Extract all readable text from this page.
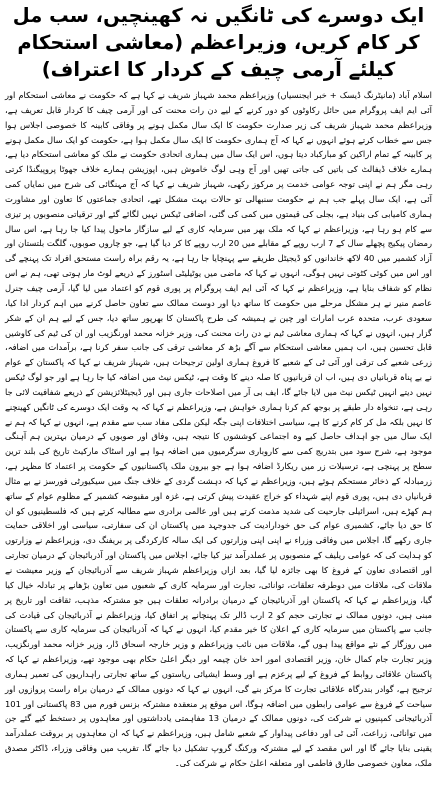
ایک دوسرے کی ٹانگیں نہ کھینچیں، سب مل کر کام کریں، وزیراعظم (معاشی استحکام کیلئے آرمی چیف کے کردار کا اعتراف)

اسلام آباد (مانیٹرنگ ڈیسک + خبر ایجنسیاں) وزیراعظم محمد شہباز شریف نے کہا ہے کہ حکومت نے معاشی استحکام اور آئی ایم ایف پروگرام میں حائل رکاوٹوں کو دور کرنے کے لیے دن رات محنت کی اور آرمی چیف کا کردار قابل تعریف ہے، وزیراعظم محمد شہباز شریف کی زیر صدارت حکومت کا ایک سال مکمل ہونے پر وفاقی کابینہ کا خصوصی اجلاس ہوا جس سے خطاب کرتے ہوئے انہوں نے کہا کہ آج ہماری حکومت کا ایک سال مکمل ہوا ہے، حکومت کو ایک سال مکمل ہونے پر کابینہ کے تمام اراکین کو مبارکباد دیتا ہوں، اس ایک سال میں ہماری اتحادی حکومت نے ملک کو معاشی استحکام دیا ہے، ہمارے خلاف ڈیفالٹ کی باتیں کی جاتی تھیں اور آج وہی لوگ خاموش ہیں، اپوزیشن ہمارے خلاف جھوٹا پروپیگنڈا کرتی رہی مگر ہم نے اپنی توجہ عوامی خدمت پر مرکوز رکھی، شہباز شریف نے کہا کہ آج مہنگائی کی شرح میں نمایاں کمی آئی ہے، ایک سال پہلے جب ہم نے حکومت سنبھالی تو حالات بہت مشکل تھے، اتحادی جماعتوں کا تعاون اور مشاورت ہماری کامیابی کی بنیاد ہے، بجلی کی قیمتوں میں کمی کی گئی، اضافی ٹیکس نہیں لگائے گئے اور ترقیاتی منصوبوں پر تیزی سے کام ہو رہا ہے، وزیراعظم نے کہا کہ ملک بھر میں سرمایہ کاری کے لیے سازگار ماحول پیدا کیا جا رہا ہے، اس سال رمضان پیکیج پچھلے سال کے 7 ارب روپے کے مقابلے میں 20 ارب روپے کا کر دیا گیا ہے، جو چاروں صوبوں، گلگت بلتستان اور آزاد کشمیر میں 40 لاکھ خاندانوں کو ڈیجیٹل طریقے سے پہنچایا جا رہا ہے، یہ رقم براہ راست مستحق افراد تک پہنچے گی اور اس میں کوئی کٹوتی نہیں ہوگی، انہوں نے کہا کہ ماضی میں یوٹیلیٹی اسٹورز کے ذریعے لوٹ مار ہوتی تھی، ہم نے اس نظام کو شفاف بنایا ہے، وزیراعظم نے کہا کہ آئی ایم ایف پروگرام پر پوری قوم کو اعتماد میں لیا گیا، آرمی چیف جنرل عاصم منیر نے ہر مشکل مرحلے میں حکومت کا ساتھ دیا اور دوست ممالک سے تعاون حاصل کرنے میں اہم کردار ادا کیا، سعودی عرب، متحدہ عرب امارات اور چین نے ہمیشہ کی طرح پاکستان کا بھرپور ساتھ دیا، جس کے لیے ہم ان کے شکر گزار ہیں، انہوں نے کہا کہ ہماری معاشی ٹیم نے دن رات محنت کی، وزیر خزانہ محمد اورنگزیب اور ان کی ٹیم کی کاوشیں قابل تحسین ہیں، اب ہمیں معاشی استحکام سے آگے بڑھ کر معاشی ترقی کی جانب سفر کرنا ہے، برآمدات میں اضافہ، زرعی شعبے کی ترقی اور آئی ٹی کے شعبے کا فروغ ہماری اولین ترجیحات ہیں، شہباز شریف نے کہا کہ پاکستان کے عوام نے بے پناہ قربانیاں دی ہیں، اب ان قربانیوں کا صلہ دینے کا وقت ہے، ٹیکس نیٹ میں اضافہ کیا جا رہا ہے اور جو لوگ ٹیکس نہیں دیتے انہیں ٹیکس نیٹ میں لایا جائے گا، ایف بی آر میں اصلاحات جاری ہیں اور ڈیجیٹلائزیشن کے ذریعے شفافیت لائی جا رہی ہے، تنخواہ دار طبقے پر بوجھ کم کرنا ہماری خواہش ہے، وزیراعظم نے کہا کہ یہ وقت ایک دوسرے کی ٹانگیں کھینچنے کا نہیں بلکہ مل کر کام کرنے کا ہے، سیاسی اختلافات اپنی جگہ لیکن ملکی مفاد سب سے مقدم ہے، انہوں نے کہا کہ ہم نے ایک سال میں جو اہداف حاصل کیے وہ اجتماعی کوششوں کا نتیجہ ہیں، وفاق اور صوبوں کے درمیان بہترین ہم آہنگی موجود ہے، شرح سود میں بتدریج کمی سے کاروباری سرگرمیوں میں اضافہ ہوا ہے اور اسٹاک مارکیٹ تاریخ کی بلند ترین سطح پر پہنچی ہے، ترسیلات زر میں ریکارڈ اضافہ ہوا ہے جو بیرون ملک پاکستانیوں کے حکومت پر اعتماد کا مظہر ہے، زرمبادلہ کے ذخائر مستحکم ہوئے ہیں، وزیراعظم نے کہا کہ دہشت گردی کے خلاف جنگ میں سیکیورٹی فورسز نے بے مثال قربانیاں دی ہیں، پوری قوم اپنے شہداء کو خراج عقیدت پیش کرتی ہے، غزہ اور مقبوضہ کشمیر کے مظلوم عوام کے ساتھ ہم کھڑے ہیں، اسرائیلی جارحیت کی شدید مذمت کرتے ہیں اور عالمی برادری سے مطالبہ کرتے ہیں کہ فلسطینیوں کو ان کا حق دیا جائے، کشمیری عوام کی حق خودارادیت کی جدوجہد میں پاکستان ان کی سفارتی، سیاسی اور اخلاقی حمایت جاری رکھے گا، اجلاس میں وفاقی وزراء نے اپنی اپنی وزارتوں کی ایک سالہ کارکردگی پر بریفنگ دی، وزیراعظم نے وزارتوں کو ہدایت کی کہ عوامی ریلیف کے منصوبوں پر عملدرآمد تیز کیا جائے، اجلاس میں پاکستان اور آذربائیجان کے درمیان تجارتی اور اقتصادی تعاون کے فروغ کا بھی جائزہ لیا گیا، بعد ازاں وزیراعظم شہباز شریف سے آذربائیجان کے وزیر معیشت نے ملاقات کی، ملاقات میں دوطرفہ تعلقات، توانائی، تجارت اور سرمایہ کاری کے شعبوں میں تعاون بڑھانے پر تبادلہ خیال کیا گیا، وزیراعظم نے کہا کہ پاکستان اور آذربائیجان کے درمیان برادرانہ تعلقات ہیں جو مشترکہ مذہب، ثقافت اور تاریخ پر مبنی ہیں، دونوں ممالک نے تجارتی حجم کو 2 ارب ڈالر تک پہنچانے پر اتفاق کیا، وزیراعظم نے آذربائیجان کی قیادت کی جانب سے پاکستان میں سرمایہ کاری کے اعلان کا خیر مقدم کیا، انہوں نے کہا کہ آذربائیجان کی سرمایہ کاری سے پاکستان میں روزگار کے نئے مواقع پیدا ہوں گے، ملاقات میں نائب وزیراعظم و وزیر خارجہ اسحاق ڈار، وزیر خزانہ محمد اورنگزیب، وزیر تجارت جام کمال خان، وزیر اقتصادی امور احد خان چیمہ اور دیگر اعلیٰ حکام بھی موجود تھے، وزیراعظم نے کہا کہ پاکستان علاقائی روابط کے فروغ کے لیے پرعزم ہے اور وسط ایشیائی ریاستوں کے ساتھ تجارتی راہداریوں کی تعمیر ہماری ترجیح ہے، گوادر بندرگاہ علاقائی تجارت کا مرکز بنے گی، انہوں نے کہا کہ دونوں ممالک کے درمیان براہ راست پروازوں اور سیاحت کے فروغ سے عوامی رابطوں میں اضافہ ہوگا، اس موقع پر منعقدہ مشترکہ بزنس فورم میں 83 پاکستانی اور 101 آذربائیجانی کمپنیوں نے شرکت کی، دونوں ممالک کے درمیان 13 مفاہمتی یادداشتوں اور معاہدوں پر دستخط کیے گئے جن میں توانائی، زراعت، آئی ٹی اور دفاعی پیداوار کے شعبے شامل ہیں، وزیراعظم نے کہا کہ ان معاہدوں پر بروقت عملدرآمد یقینی بنایا جائے گا اور اس مقصد کے لیے مشترکہ ورکنگ گروپ تشکیل دیا جائے گا، تقریب میں وفاقی وزراء، ڈاکٹر مصدق ملک، معاون خصوصی طارق فاطمی اور متعلقہ اعلیٰ حکام نے شرکت کی۔
